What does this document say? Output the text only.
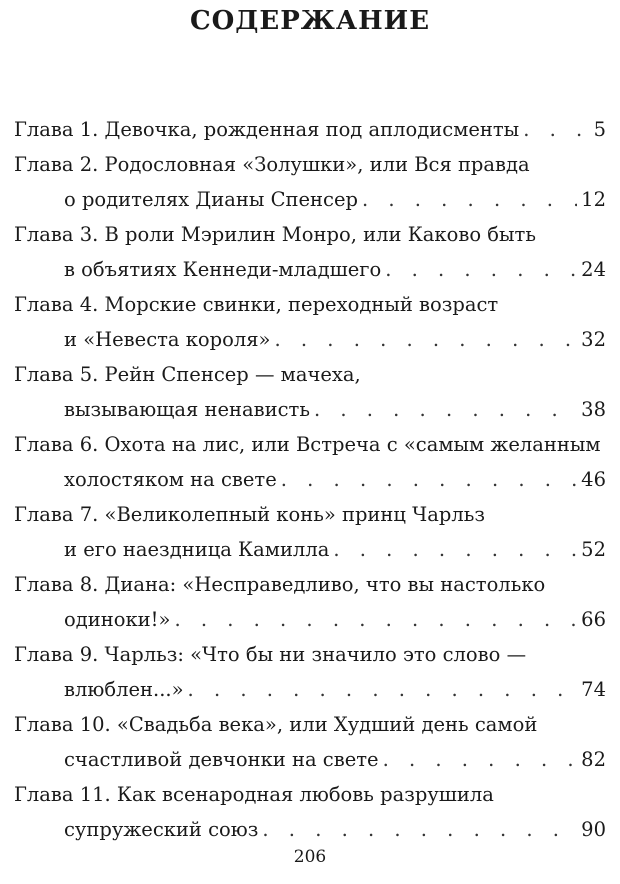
СОДЕРЖАНИЕ
Глава 1. Девочка, рожденная под аплодисменты . . .	5
Глава 2. Родословная «Золушки», или Вся правда
о родителях Дианы Спенсер . . .	12
Глава 3. В роли Мэрилин Монро, или Каково быть
в объятиях Кеннеди-младшего . . .	24
Глава 4. Морские свинки, переходный возраст
и «Невеста короля» . . .	32
Глава 5. Рейн Спенсер — мачеха,
вызывающая ненависть . . .	38
Глава 6. Охота на лис, или Встреча с «самым желанным
холостяком на свете . . .	46
Глава 7. «Великолепный конь» принц Чарльз
и его наездница Камилла . . .	52
Глава 8. Диана: «Несправедливо, что вы настолько
одиноки!» . . .	66
Глава 9. Чарльз: «Что бы ни значило это слово —
влюблен...» . . .	74
Глава 10. «Свадьба века», или Худший день самой
счастливой девчонки на свете . . .	82
Глава 11. Как всенародная любовь разрушила
супружеский союз . . .	90
206
